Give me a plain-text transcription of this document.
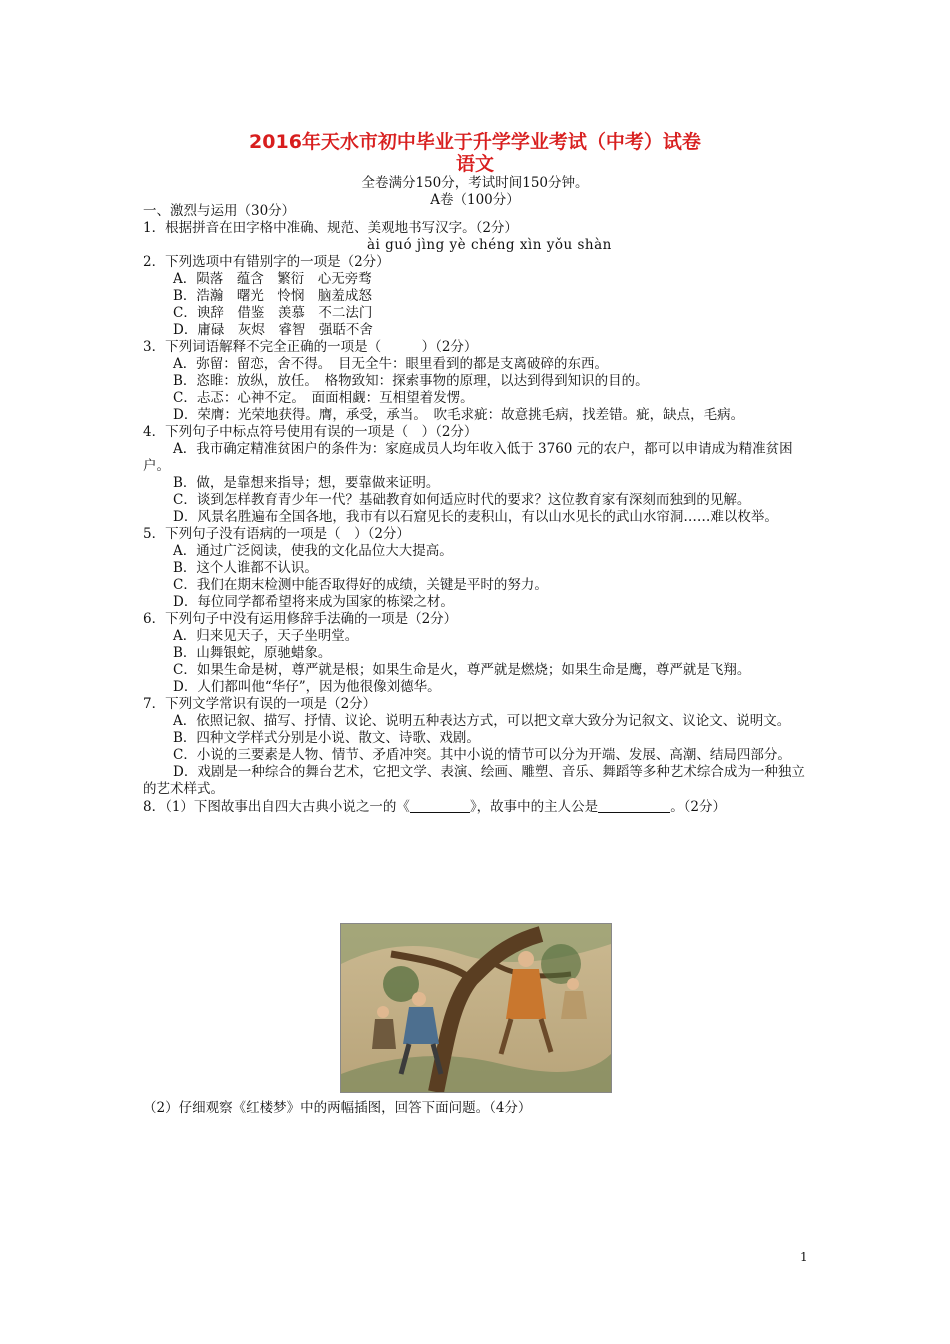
2016年天水市初中毕业于升学学业考试（中考）试卷
语文
全卷满分150分，考试时间150分钟。
A卷（100分）

一、激烈与运用（30分）

1．根据拼音在田字格中准确、规范、美观地书写汉字。（2分）

ài guó jìng yè chéng xìn yǒu shàn

2．下列选项中有错别字的一项是（2分）

A．陨落　蕴含　繁衍　心无旁骛

B．浩瀚　曙光　怜悯　脑羞成怒

C．谀辞　借鉴　羡慕　不二法门

D．庸碌　灰烬　睿智　强聒不舍

3．下列词语解释不完全正确的一项是（　　　）（2分）

A．弥留：留恋，舍不得。　目无全牛：眼里看到的都是支离破碎的东西。

B．恣睢：放纵，放任。　格物致知：探索事物的原理，以达到得到知识的目的。

C．忐忑：心神不定。　面面相觑：互相望着发愣。

D．荣膺：光荣地获得。膺，承受，承当。　吹毛求疵：故意挑毛病，找差错。疵，缺点，毛病。

4．下列句子中标点符号使用有误的一项是（　）（2分）

A．我市确定精准贫困户的条件为：家庭成员人均年收入低于 3760 元的农户，都可以申请成为精准贫困户。

B．做，是靠想来指导；想，要靠做来证明。

C．谈到怎样教育青少年一代？基础教育如何适应时代的要求？这位教育家有深刻而独到的见解。

D．风景名胜遍布全国各地，我市有以石窟见长的麦积山，有以山水见长的武山水帘洞……难以枚举。

5．下列句子没有语病的一项是（　）（2分）

A．通过广泛阅读，使我的文化品位大大提高。

B．这个人谁都不认识。

C．我们在期末检测中能否取得好的成绩，关键是平时的努力。

D．每位同学都希望将来成为国家的栋梁之材。

6．下列句子中没有运用修辞手法确的一项是（2分）

A．归来见天子，天子坐明堂。

B．山舞银蛇，原驰蜡象。

C．如果生命是树，尊严就是根；如果生命是火，尊严就是燃烧；如果生命是鹰，尊严就是飞翔。

D．人们都叫他“华仔”，因为他很像刘德华。

7．下列文学常识有误的一项是（2分）

A．依照记叙、描写、抒情、议论、说明五种表达方式，可以把文章大致分为记叙文、议论文、说明文。

B．四种文学样式分别是小说、散文、诗歌、戏剧。

C．小说的三要素是人物、情节、矛盾冲突。其中小说的情节可以分为开端、发展、高潮、结局四部分。

D．戏剧是一种综合的舞台艺术，它把文学、表演、绘画、雕塑、音乐、舞蹈等多种艺术综合成为一种独立的艺术样式。

8．（1）下图故事出自四大古典小说之一的《	》，故事中的主人公是	。（2分）

1
（2）仔细观察《红楼梦》中的两幅插图，回答下面问题。（4分）
